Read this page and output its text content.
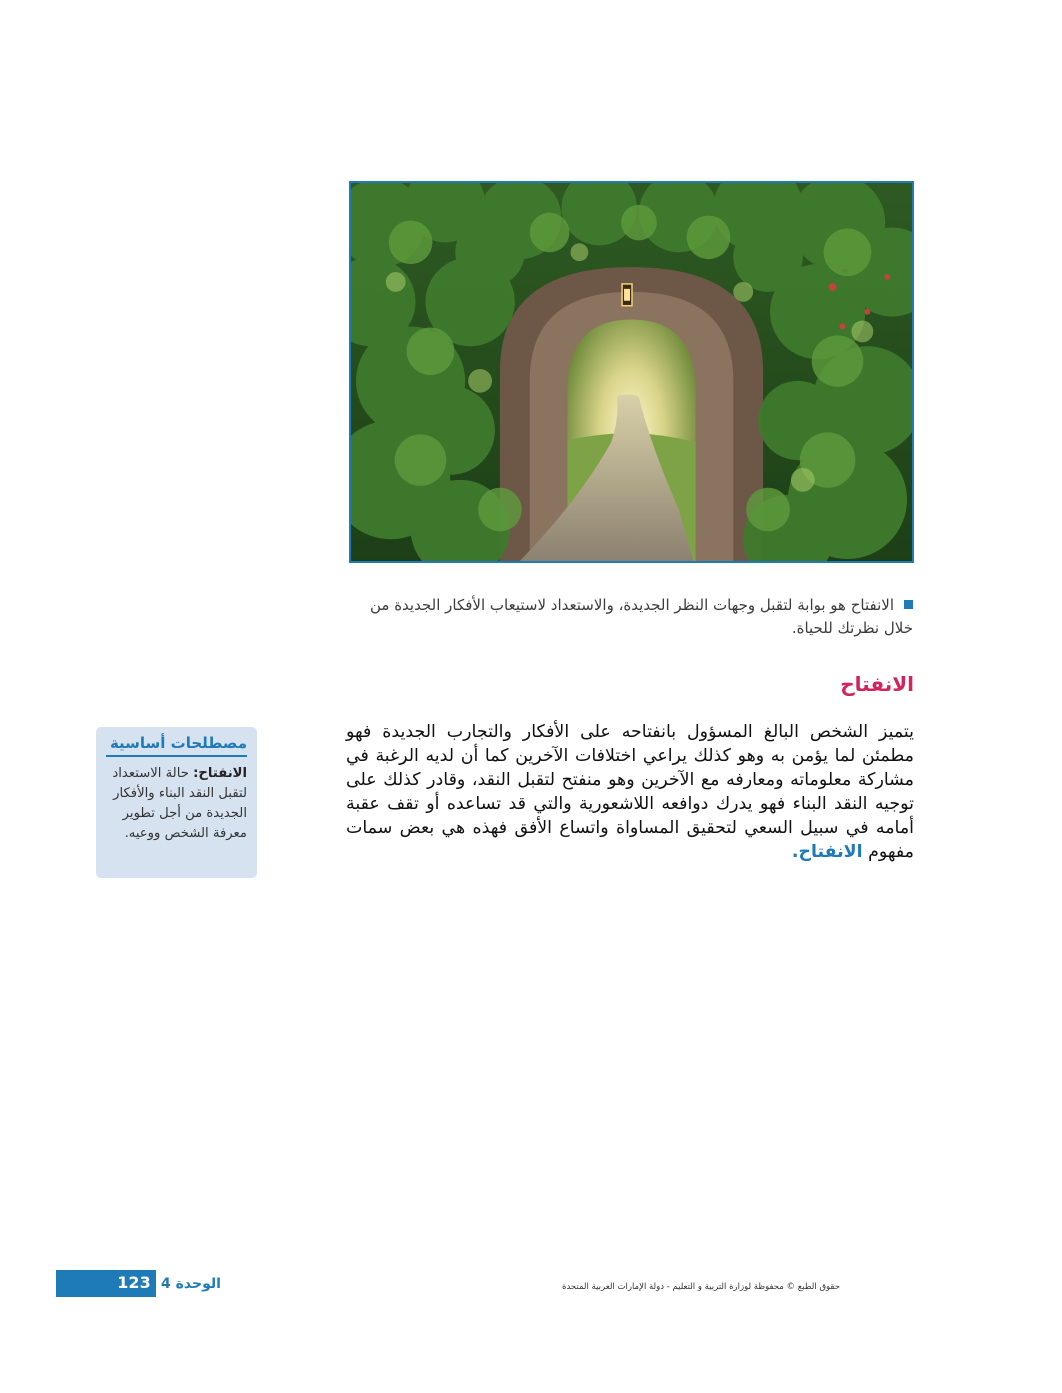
الانفتاح هو بوابة لتقبل وجهات النظر الجديدة، والاستعداد لاستيعاب الأفكار الجديدة من خلال نظرتك للحياة.
الانفتاح
يتميز الشخص البالغ المسؤول بانفتاحه على الأفكار والتجارب الجديدة فهو مطمئن لما يؤمن به وهو كذلك يراعي اختلافات الآخرين كما أن لديه الرغبة في مشاركة معلوماته ومعارفه مع الآخرين وهو منفتح لتقبل النقد، وقادر كذلك على توجيه النقد البناء فهو يدرك دوافعه اللاشعورية والتي قد تساعده أو تقف عقبة أمامه في سبيل السعي لتحقيق المساواة واتساع الأفق فهذه هي بعض سمات مفهوم الانفتاح.
مصطلحات أساسية
الانفتاح: حالة الاستعداد لتقبل النقد البناء والأفكار الجديدة من أجل تطوير معرفة الشخص ووعيه.
123 الوحدة 4	حقوق الطبع © محفوظة لوزارة التربية و التعليم - دولة الإمارات العربية المتحدة
